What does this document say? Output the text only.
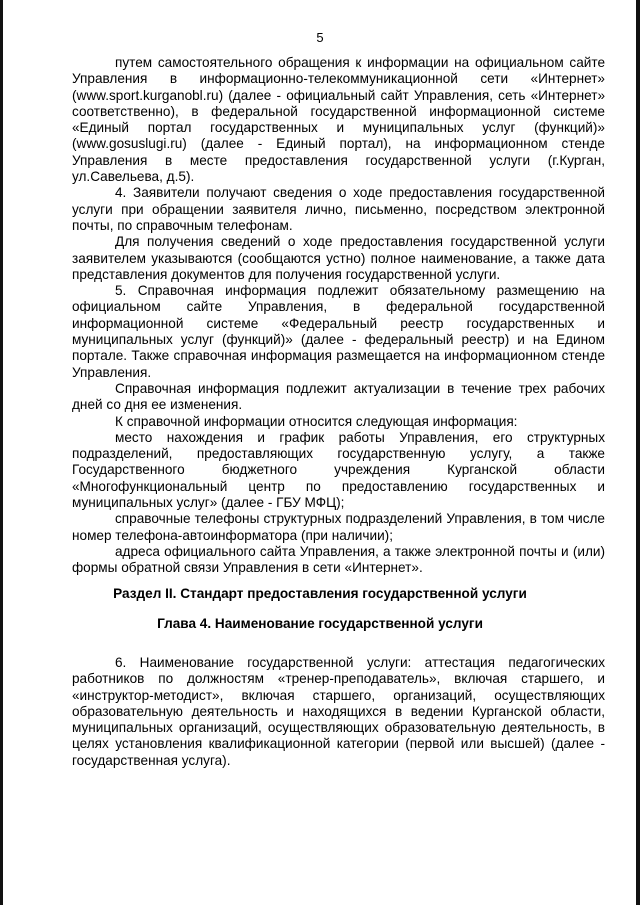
5

путем самостоятельного обращения к информации на официальном сайте Управления в информационно-телекоммуникационной сети «Интернет» (www.sport.kurganobl.ru) (далее - официальный сайт Управления, сеть «Интернет» соответственно), в федеральной государственной информационной системе «Единый портал государственных и муниципальных услуг (функций)» (www.gosuslugi.ru) (далее - Единый портал), на информационном стенде Управления в месте предоставления государственной услуги (г.Курган, ул.Савельева, д.5).

4. Заявители получают сведения о ходе предоставления государственной услуги при обращении заявителя лично, письменно, посредством электронной почты, по справочным телефонам.

Для получения сведений о ходе предоставления государственной услуги заявителем указываются (сообщаются устно) полное наименование, а также дата представления документов для получения государственной услуги.

5. Справочная информация подлежит обязательному размещению на официальном сайте Управления, в федеральной государственной информационной системе «Федеральный реестр государственных и муниципальных услуг (функций)» (далее - федеральный реестр) и на Едином портале. Также справочная информация размещается на информационном стенде Управления.

Справочная информация подлежит актуализации в течение трех рабочих дней со дня ее изменения.

К справочной информации относится следующая информация:

место нахождения и график работы Управления, его структурных подразделений, предоставляющих государственную услугу, а также Государственного бюджетного учреждения Курганской области «Многофункциональный центр по предоставлению государственных и муниципальных услуг» (далее - ГБУ МФЦ);

справочные телефоны структурных подразделений Управления, в том числе номер телефона-автоинформатора (при наличии);

адреса официального сайта Управления, а также электронной почты и (или) формы обратной связи Управления в сети «Интернет».

Раздел II. Стандарт предоставления государственной услуги
Глава 4. Наименование государственной услуги

6. Наименование государственной услуги: аттестация педагогических работников по должностям «тренер-преподаватель», включая старшего, и «инструктор-методист», включая старшего, организаций, осуществляющих образовательную деятельность и находящихся в ведении Курганской области, муниципальных организаций, осуществляющих образовательную деятельность, в целях установления квалификационной категории (первой или высшей) (далее - государственная услуга).
